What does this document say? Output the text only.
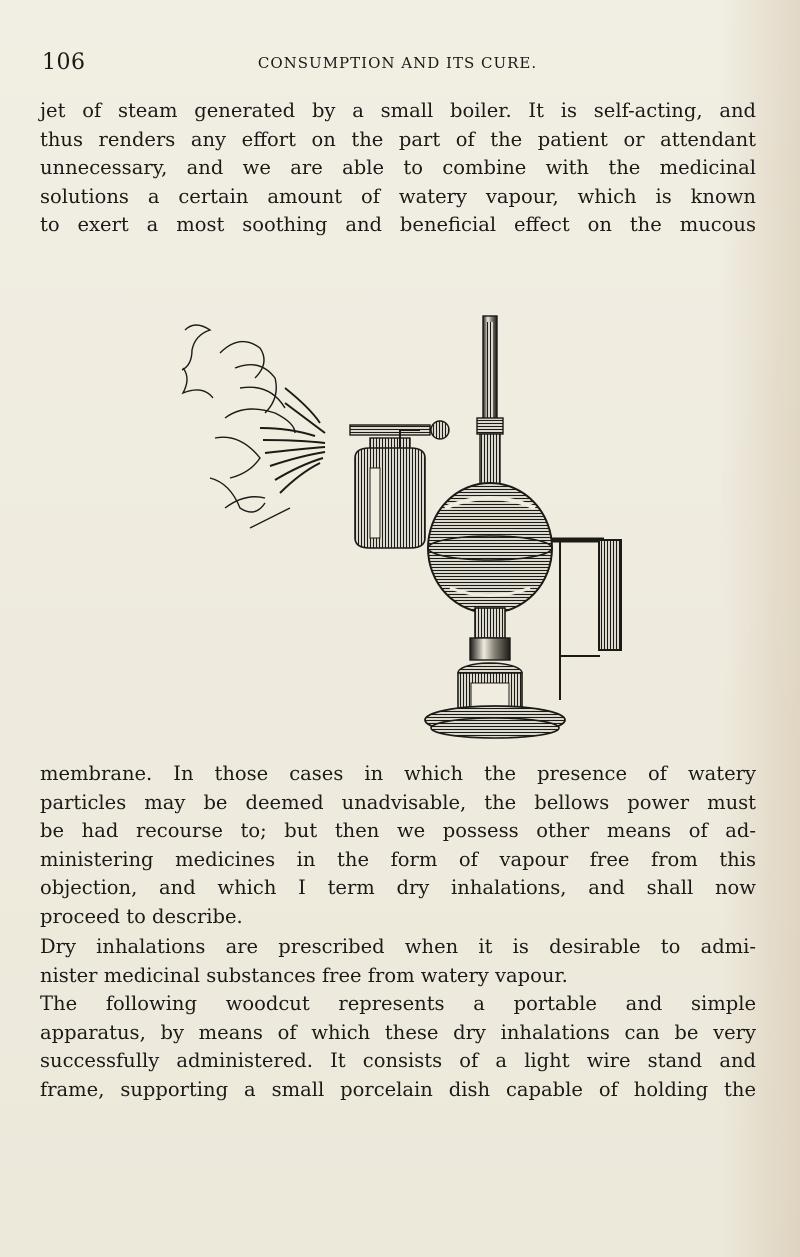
106	CONSUMPTION AND ITS CURE.
jet of steam generated by a small boiler. It is self-acting, and
thus renders any effort on the part of the patient or attendant
unnecessary, and we are able to combine with the medicinal
solutions a certain amount of watery vapour, which is known
to exert a most soothing and beneficial effect on the mucous
membrane. In those cases in which the presence of watery
particles may be deemed unadvisable, the bellows power must
be had recourse to; but then we possess other means of ad-
ministering medicines in the form of vapour free from this
objection, and which I term dry inhalations, and shall now
proceed to describe.
Dry inhalations are prescribed when it is desirable to admi-
nister medicinal substances free from watery vapour.
The following woodcut represents a portable and simple
apparatus, by means of which these dry inhalations can be very
successfully administered. It consists of a light wire stand and
frame, supporting a small porcelain dish capable of holding the
